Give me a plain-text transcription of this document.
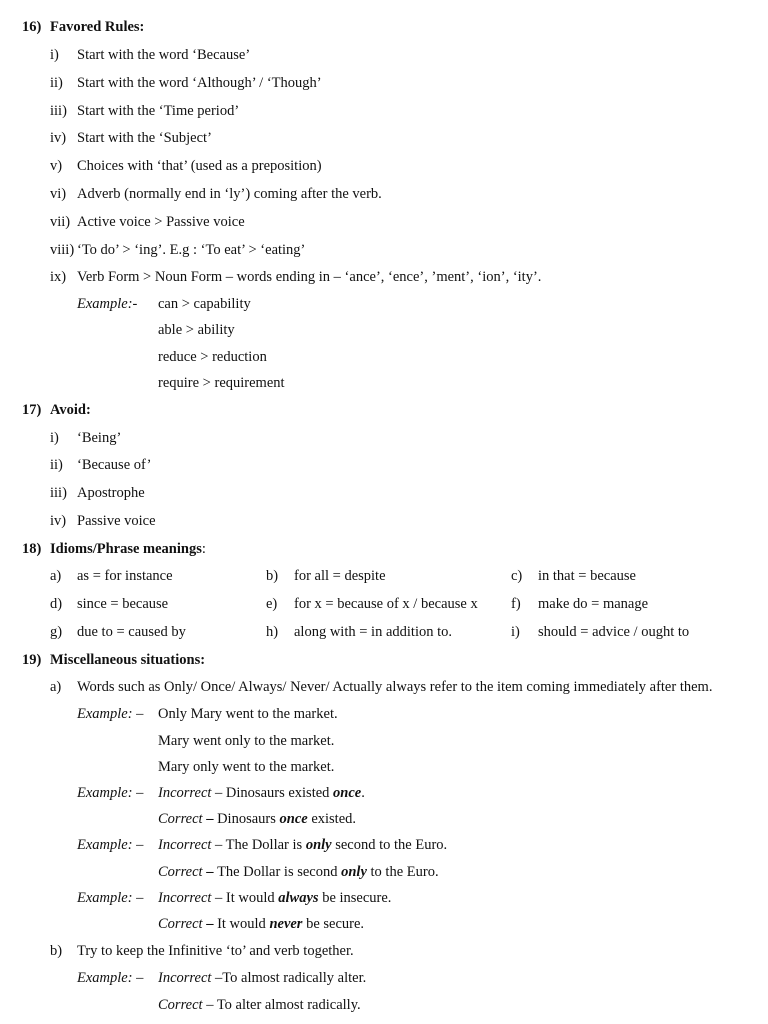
16) Favored Rules:
i) Start with the word ‘Because’
ii) Start with the word ‘Although’ / ‘Though’
iii) Start with the ‘Time period’
iv) Start with the ‘Subject’
v) Choices with ‘that’ (used as a preposition)
vi) Adverb (normally end in ‘ly’) coming after the verb.
vii) Active voice > Passive voice
viii) ‘To do’ > ‘ing’. E.g : ‘To eat’ > ‘eating’
ix) Verb Form > Noun Form – words ending in – ‘ance’, ‘ence’, ’ment’, ‘ion’, ‘ity’.
Example:- can > capability
able > ability
reduce > reduction
require > requirement
17) Avoid:
i) ‘Being’
ii) ‘Because of’
iii) Apostrophe
iv) Passive voice
18) Idioms/Phrase meanings:
a) as = for instance	b) for all = despite	c) in that = because
d) since = because	e) for x = because of x / because x f) make do = manage
g) due to = caused by	h) along with = in addition to.	i) should = advice / ought to
19) Miscellaneous situations:
a) Words such as Only/ Once/ Always/ Never/ Actually always refer to the item coming immediately after them.
Example: – Only Mary went to the market.
Mary went only to the market.
Mary only went to the market.
Example: – Incorrect – Dinosaurs existed once.
Correct – Dinosaurs once existed.
Example: – Incorrect – The Dollar is only second to the Euro.
Correct – The Dollar is second only to the Euro.
Example: – Incorrect – It would always be insecure.
Correct – It would never be secure.
b) Try to keep the Infinitive ‘to’ and verb together.
Example: – Incorrect –To almost radically alter.
Correct – To alter almost radically.
